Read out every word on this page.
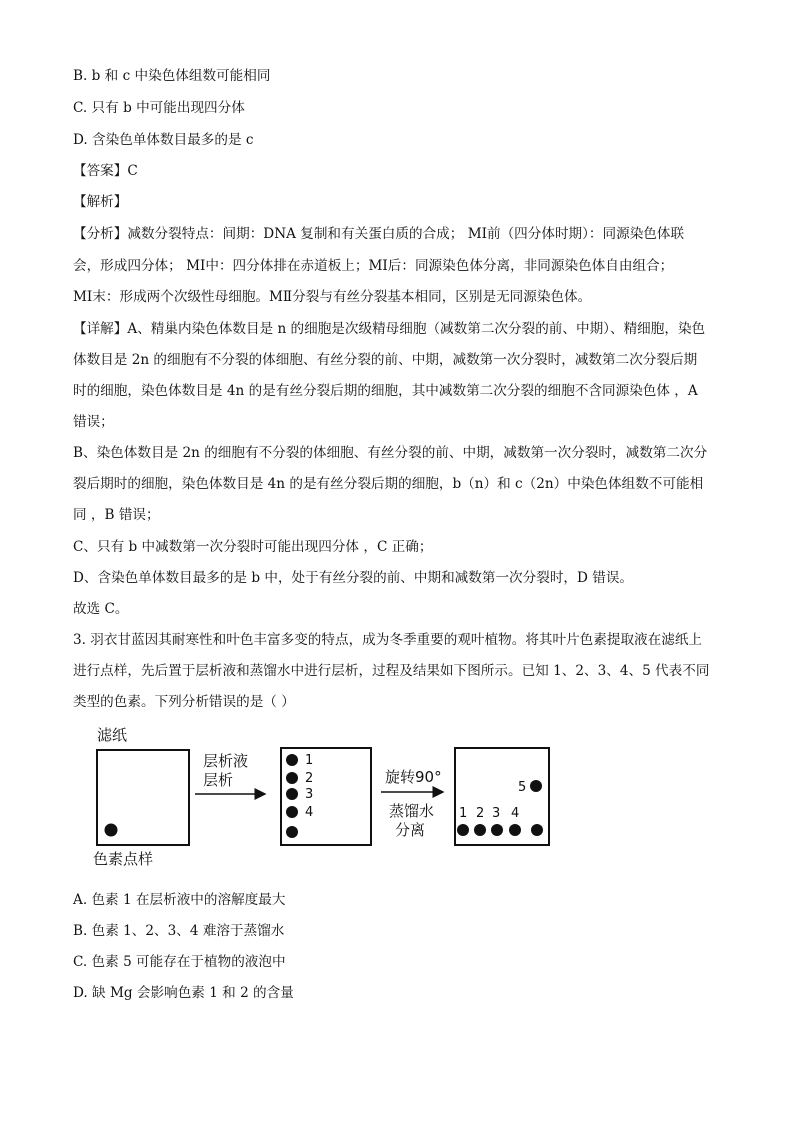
B. b 和 c 中染色体组数可能相同
C. 只有 b 中可能出现四分体
D. 含染色单体数目最多的是 c
【答案】C
【解析】
【分析】减数分裂特点：间期：DNA 复制和有关蛋白质的合成； MⅠ前（四分体时期）：同源染色体联
会，形成四分体； MⅠ中：四分体排在赤道板上；MⅠ后：同源染色体分离，非同源染色体自由组合；
MⅠ末：形成两个次级性母细胞。MⅡ分裂与有丝分裂基本相同，区别是无同源染色体。
【详解】A、精巢内染色体数目是 n 的细胞是次级精母细胞（减数第二次分裂的前、中期）、精细胞，染色
体数目是 2n 的细胞有不分裂的体细胞、有丝分裂的前、中期，减数第一次分裂时，减数第二次分裂后期
时的细胞，染色体数目是 4n 的是有丝分裂后期的细胞，其中减数第二次分裂的细胞不含同源染色体 ，A
错误；
B、染色体数目是 2n 的细胞有不分裂的体细胞、有丝分裂的前、中期，减数第一次分裂时，减数第二次分
裂后期时的细胞，染色体数目是 4n 的是有丝分裂后期的细胞，b（n）和 c（2n）中染色体组数不可能相
同 ，B 错误；
C、只有 b 中减数第一次分裂时可能出现四分体 ，C 正确；
D、含染色单体数目最多的是 b 中，处于有丝分裂的前、中期和减数第一次分裂时，D 错误。
故选 C。
3. 羽衣甘蓝因其耐寒性和叶色丰富多变的特点，成为冬季重要的观叶植物。将其叶片色素提取液在滤纸上
进行点样，先后置于层析液和蒸馏水中进行层析，过程及结果如下图所示。已知 1、2、3、4、5 代表不同
类型的色素。下列分析错误的是（ ）
滤纸
色素点样
层析液
层析
1
2
3
4
旋转90°
蒸馏水
分离
5
1 2 3 4
A. 色素 1 在层析液中的溶解度最大
B. 色素 1、2、3、4 难溶于蒸馏水
C. 色素 5 可能存在于植物的液泡中
D. 缺 Mg 会影响色素 1 和 2 的含量
